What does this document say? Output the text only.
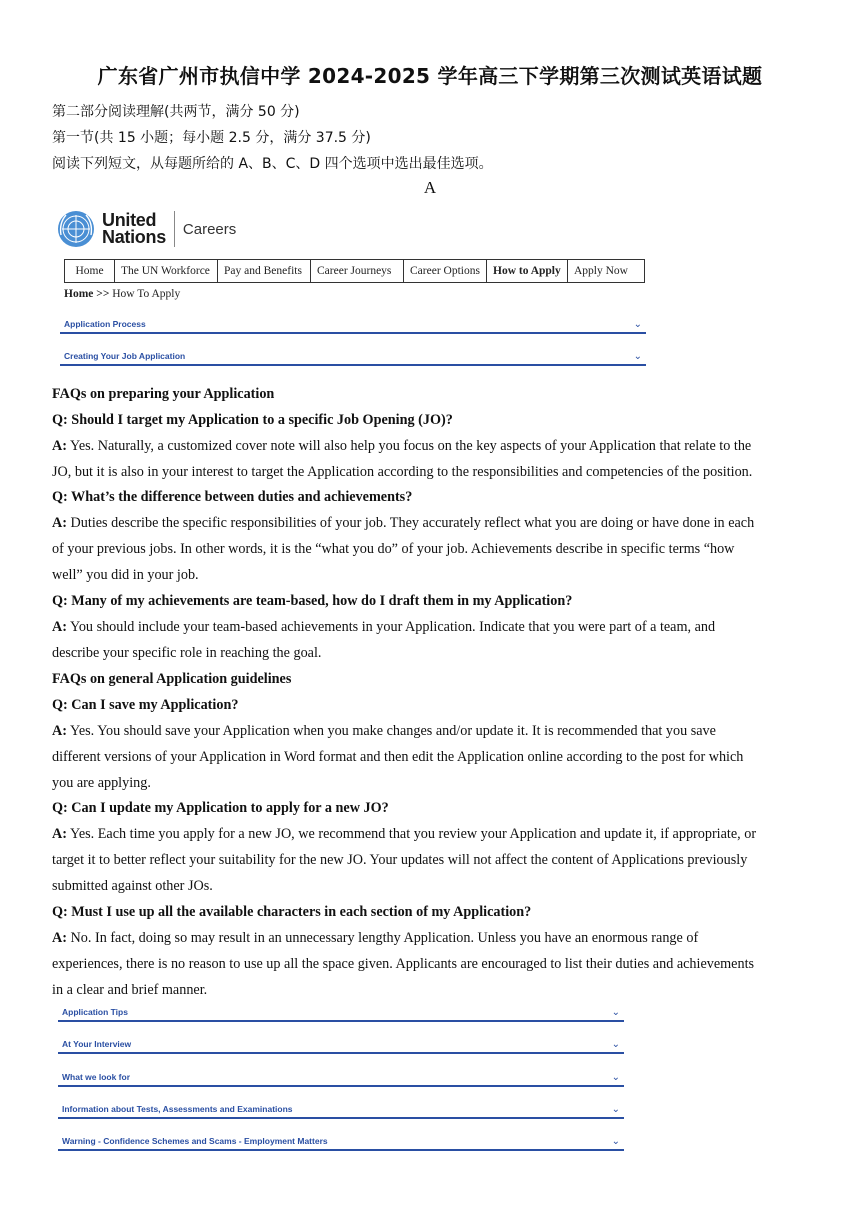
广东省广州市执信中学 2024-2025 学年高三下学期第三次测试英语试题
第二部分阅读理解(共两节，满分 50 分)
第一节(共 15 小题；每小题 2.5 分，满分 37.5 分)
阅读下列短文，从每题所给的 A、B、C、D 四个选项中选出最佳选项。
A
United
Nations Careers
Home	The UN Workforce	Pay and Benefits	Career Journeys	Career Options	How to Apply	Apply Now
Home >> How To Apply
Application Process	⌄
Creating Your Job Application	⌄
FAQs on preparing your Application
Q: Should I target my Application to a specific Job Opening (JO)?
A: Yes. Naturally, a customized cover note will also help you focus on the key aspects of your Application that relate to the
JO, but it is also in your interest to target the Application according to the responsibilities and competencies of the position.
Q: What’s the difference between duties and achievements?
A: Duties describe the specific responsibilities of your job. They accurately reflect what you are doing or have done in each
of your previous jobs. In other words, it is the “what you do” of your job. Achievements describe in specific terms “how
well” you did in your job.
Q: Many of my achievements are team-based, how do I draft them in my Application?
A: You should include your team-based achievements in your Application. Indicate that you were part of a team, and
describe your specific role in reaching the goal.
FAQs on general Application guidelines
Q: Can I save my Application?
A: Yes. You should save your Application when you make changes and/or update it. It is recommended that you save
different versions of your Application in Word format and then edit the Application online according to the post for which
you are applying.
Q: Can I update my Application to apply for a new JO?
A: Yes. Each time you apply for a new JO, we recommend that you review your Application and update it, if appropriate, or
target it to better reflect your suitability for the new JO. Your updates will not affect the content of Applications previously
submitted against other JOs.
Q: Must I use up all the available characters in each section of my Application?
A: No. In fact, doing so may result in an unnecessary lengthy Application. Unless you have an enormous range of
experiences, there is no reason to use up all the space given. Applicants are encouraged to list their duties and achievements
in a clear and brief manner.
Application Tips	⌄
At Your Interview	⌄
What we look for	⌄
Information about Tests, Assessments and Examinations	⌄
Warning - Confidence Schemes and Scams - Employment Matters	⌄
